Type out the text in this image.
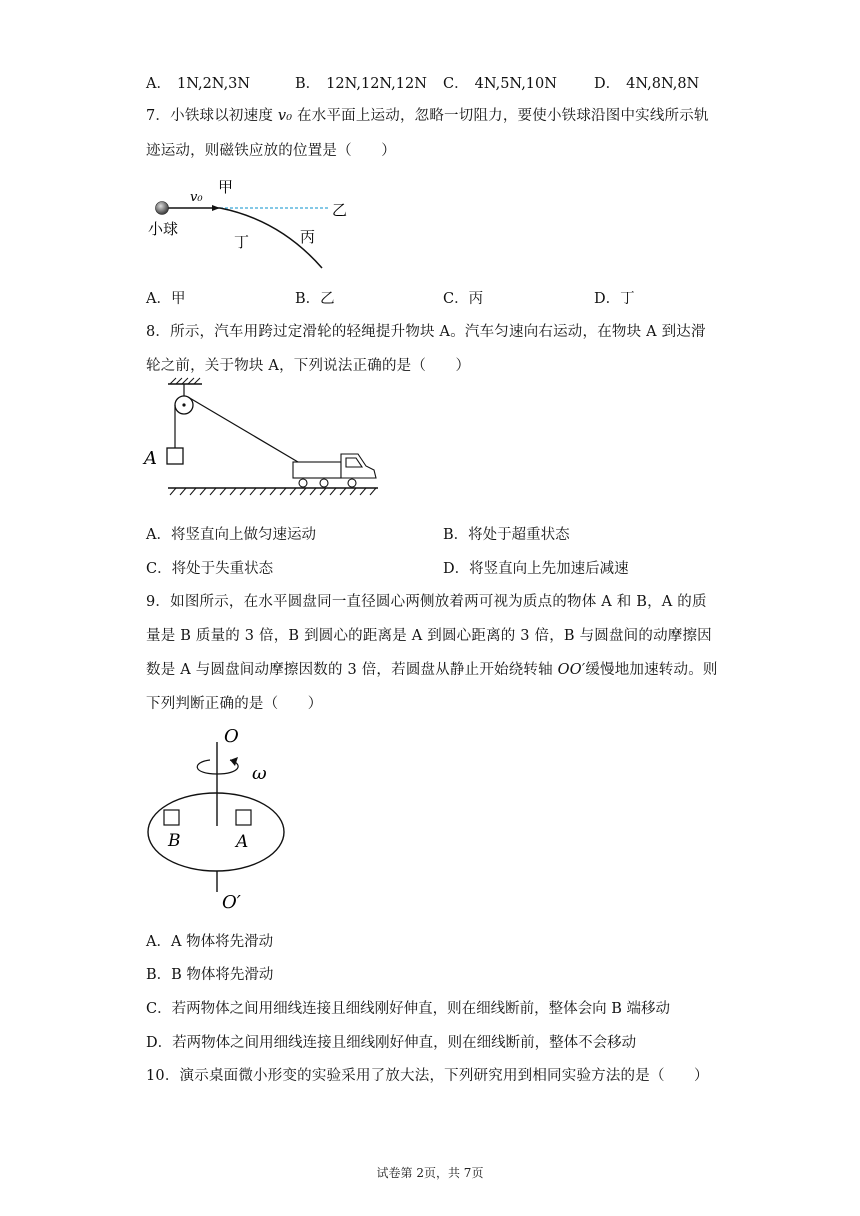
A． 1N,2N,3N	B． 12N,12N,12N C． 4N,5N,10N	D． 4N,8N,8N
7．小铁球以初速度 v₀ 在水平面上运动，忽略一切阻力，要使小铁球沿图中实线所示轨
迹运动，则磁铁应放的位置是（　　）
v₀
甲
乙
丙
丁
小球
A．甲	B．乙	C．丙	D．丁
8．所示，汽车用跨过定滑轮的轻绳提升物块 A。汽车匀速向右运动，在物块 A 到达滑
轮之前，关于物块 A，下列说法正确的是（　　）
A
A．将竖直向上做匀速运动	B．将处于超重状态
C．将处于失重状态	D．将竖直向上先加速后减速
9．如图所示，在水平圆盘同一直径圆心两侧放着两可视为质点的物体 A 和 B，A 的质
量是 B 质量的 3 倍，B 到圆心的距离是 A 到圆心距离的 3 倍，B 与圆盘间的动摩擦因
数是 A 与圆盘间动摩擦因数的 3 倍，若圆盘从静止开始绕转轴 OO′缓慢地加速转动。则
下列判断正确的是（　　）
O
ω
B	A
O′
A．A 物体将先滑动
B．B 物体将先滑动
C．若两物体之间用细线连接且细线刚好伸直，则在细线断前，整体会向 B 端移动
D．若两物体之间用细线连接且细线刚好伸直，则在细线断前，整体不会移动
10．演示桌面微小形变的实验采用了放大法，下列研究用到相同实验方法的是（　　）
试卷第 2页，共 7页
